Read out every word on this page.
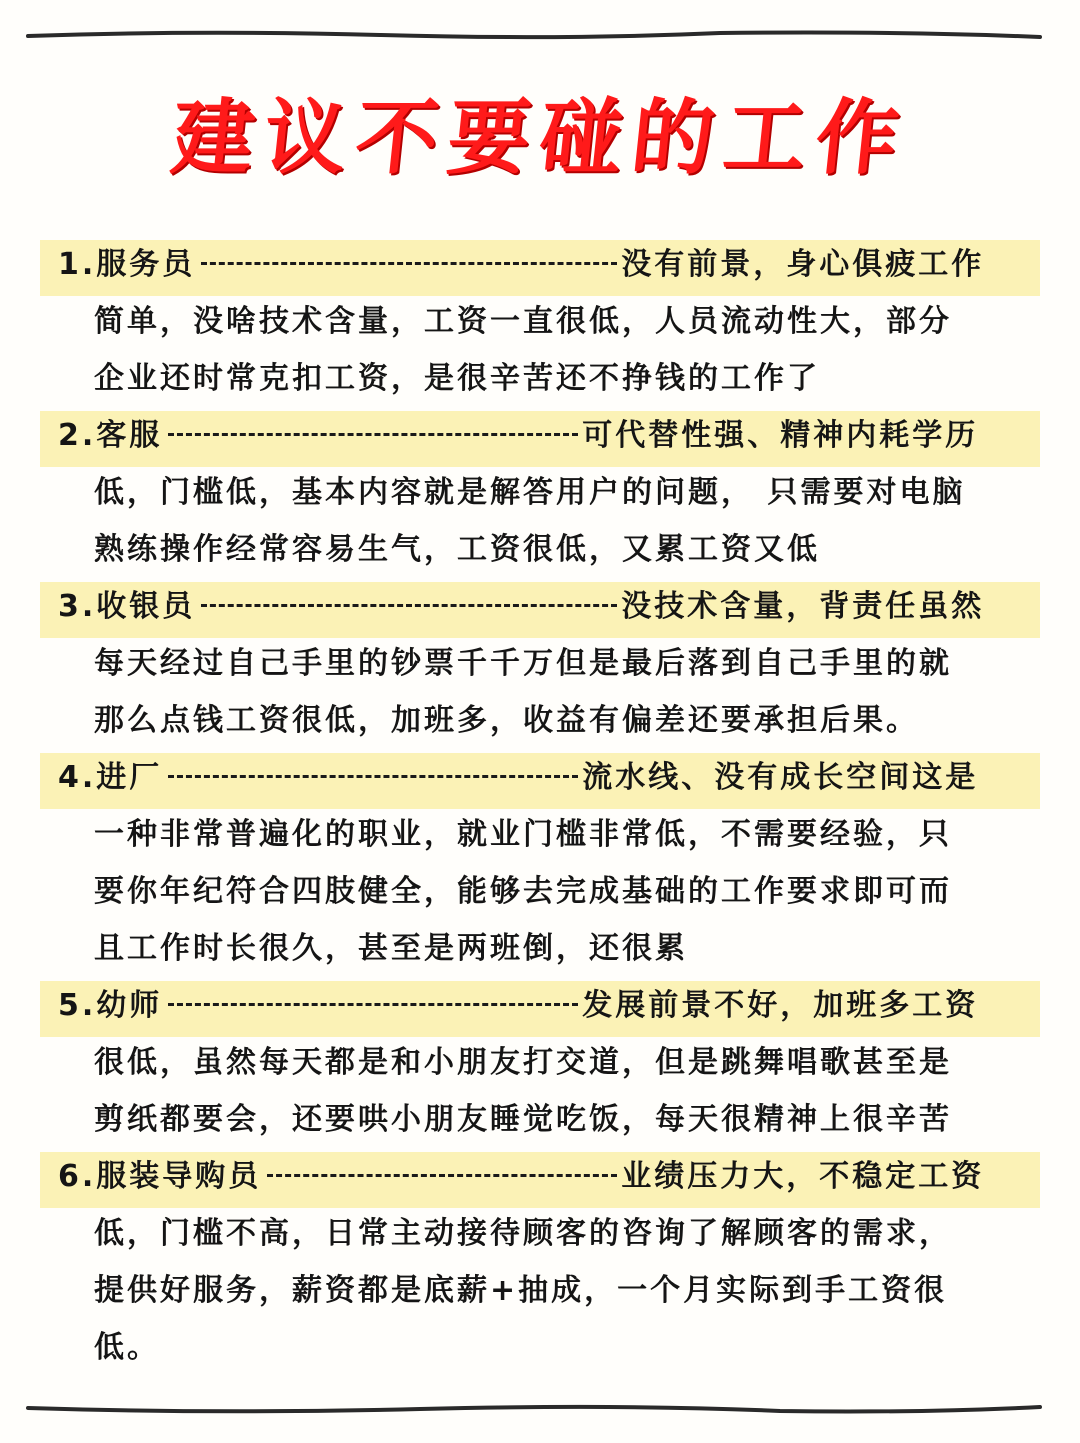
建议不要碰的工作
1.服务员	没有前景，身心俱疲工作
简单，没啥技术含量，工资一直很低，人员流动性大，部分
企业还时常克扣工资，是很辛苦还不挣钱的工作了
2.客服	可代替性强、精神内耗学历
低，门槛低，基本内容就是解答用户的问题， 只需要对电脑
熟练操作经常容易生气，工资很低，又累工资又低
3.收银员	没技术含量，背责任虽然
每天经过自己手里的钞票千千万但是最后落到自己手里的就
那么点钱工资很低，加班多，收益有偏差还要承担后果。
4.进厂	流水线、没有成长空间这是
一种非常普遍化的职业，就业门槛非常低，不需要经验，只
要你年纪符合四肢健全，能够去完成基础的工作要求即可而
且工作时长很久，甚至是两班倒，还很累
5.幼师	发展前景不好，加班多工资
很低，虽然每天都是和小朋友打交道，但是跳舞唱歌甚至是
剪纸都要会，还要哄小朋友睡觉吃饭，每天很精神上很辛苦
6.服装导购员	业绩压力大，不稳定工资
低，门槛不高，日常主动接待顾客的咨询了解顾客的需求，
提供好服务，薪资都是底薪+抽成，一个月实际到手工资很
低。
